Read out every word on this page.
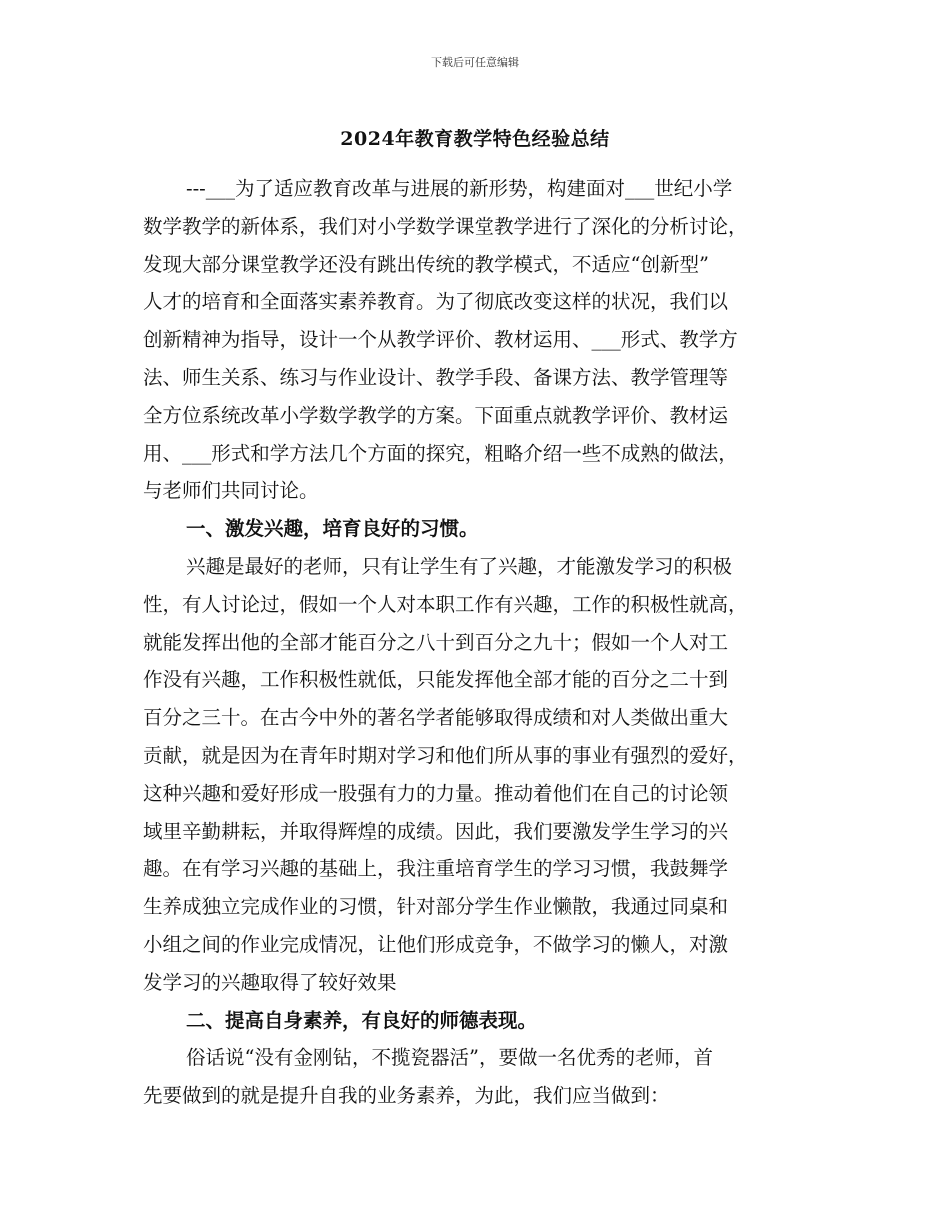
下载后可任意编辑
2024年教育教学特色经验总结
---___为了适应教育改革与进展的新形势，构建面对___世纪小学
数学教学的新体系，我们对小学数学课堂教学进行了深化的分析讨论，
发现大部分课堂教学还没有跳出传统的教学模式，不适应“创新型”
人才的培育和全面落实素养教育。为了彻底改变这样的状况，我们以
创新精神为指导，设计一个从教学评价、教材运用、___形式、教学方
法、师生关系、练习与作业设计、教学手段、备课方法、教学管理等
全方位系统改革小学数学教学的方案。下面重点就教学评价、教材运
用、___形式和学方法几个方面的探究，粗略介绍一些不成熟的做法，
与老师们共同讨论。
一、激发兴趣，培育良好的习惯。
兴趣是最好的老师，只有让学生有了兴趣，才能激发学习的积极
性，有人讨论过，假如一个人对本职工作有兴趣，工作的积极性就高，
就能发挥出他的全部才能百分之八十到百分之九十；假如一个人对工
作没有兴趣，工作积极性就低，只能发挥他全部才能的百分之二十到
百分之三十。在古今中外的著名学者能够取得成绩和对人类做出重大
贡献，就是因为在青年时期对学习和他们所从事的事业有强烈的爱好，
这种兴趣和爱好形成一股强有力的力量。推动着他们在自己的讨论领
域里辛勤耕耘，并取得辉煌的成绩。因此，我们要激发学生学习的兴
趣。在有学习兴趣的基础上，我注重培育学生的学习习惯，我鼓舞学
生养成独立完成作业的习惯，针对部分学生作业懒散，我通过同桌和
小组之间的作业完成情况，让他们形成竞争，不做学习的懒人，对激
发学习的兴趣取得了较好效果
二、提高自身素养，有良好的师德表现。
俗话说“没有金刚钻，不揽瓷器活”，要做一名优秀的老师，首
先要做到的就是提升自我的业务素养，为此，我们应当做到：
